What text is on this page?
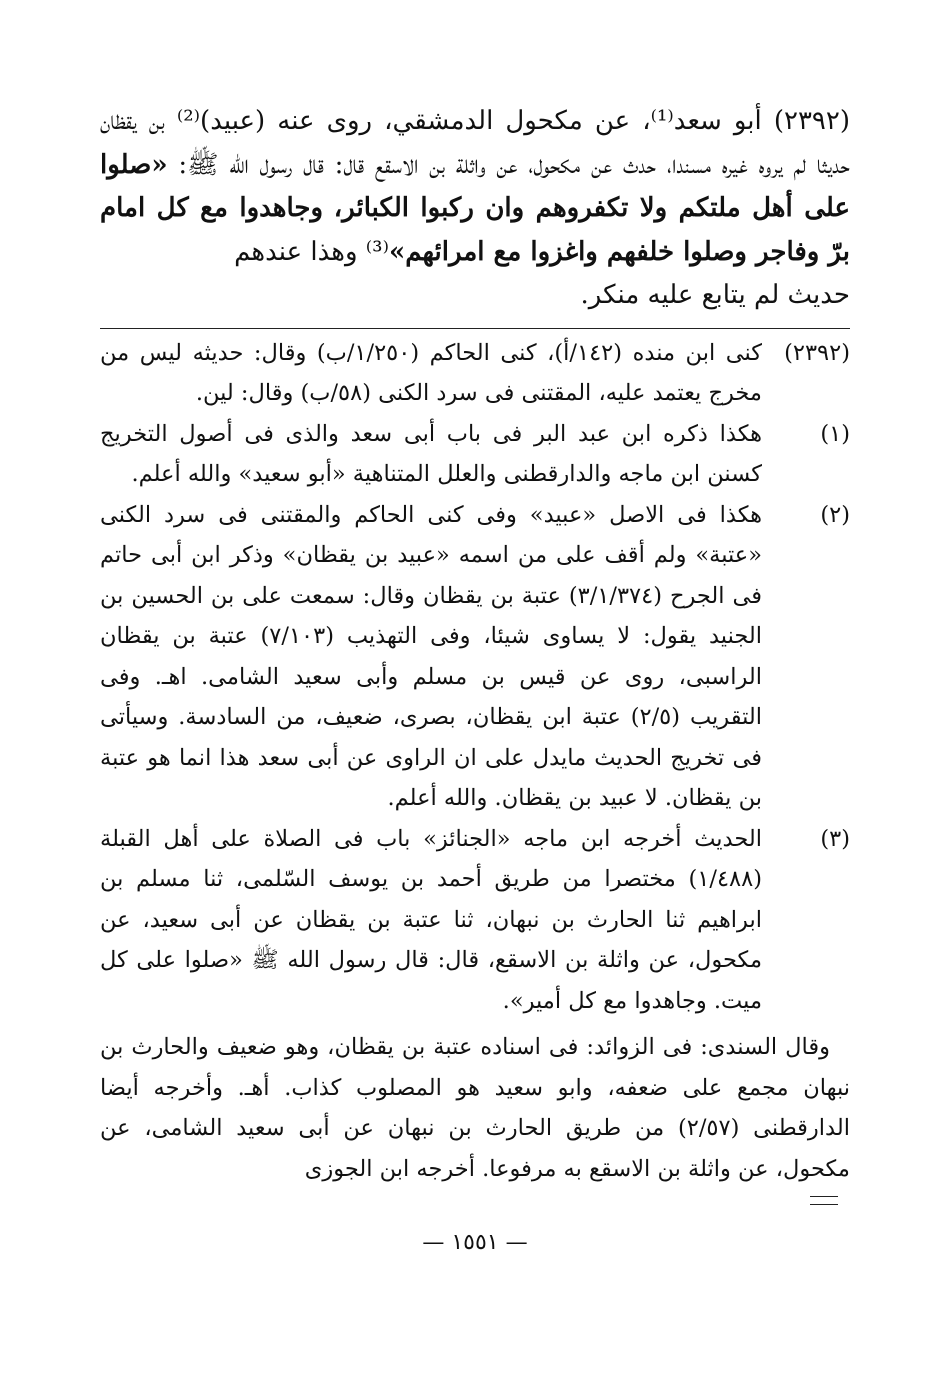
(٢٣٩٢) أبو سعد⁽¹⁾، عن مكحول الدمشقي، روى عنه (عبيد)⁽²⁾ بن يقظان حديثا لم يروه غيره مسندا، حدث عن مكحول، عن واثلة بن الاسقع قال: قال رسول الله ﷺ: «صلوا على أهل ملتكم ولا تكفروهم وان ركبوا الكبائر، وجاهدوا مع كل امام برّ وفاجر وصلوا خلفهم واغزوا مع امرائهم»⁽³⁾ وهذا عندهم
حديث لم يتابع عليه منكر.

(٢٣٩٢)

كنى ابن منده (١٤٢/أ)، كنى الحاكم (١/٢٥٠/ب) وقال: حديثه ليس من مخرج يعتمد عليه، المقتنى فى سرد الكنى (٥٨/ب) وقال: لين.

(١)

هكذا ذكره ابن عبد البر فى باب أبى سعد والذى فى أصول التخريج كسنن ابن ماجه والدارقطنى والعلل المتناهية «أبو سعيد» والله أعلم.

(٢)

هكذا فى الاصل «عبيد» وفى كنى الحاكم والمقتنى فى سرد الكنى «عتبة» ولم أقف على من اسمه «عبيد بن يقظان» وذكر ابن أبى حاتم فى الجرح (٣/١/٣٧٤) عتبة بن يقظان وقال: سمعت على بن الحسين بن الجنيد يقول: لا يساوى شيئا، وفى التهذيب (٧/١٠٣) عتبة بن يقظان الراسبى، روى عن قيس بن مسلم وأبى سعيد الشامى. اهـ. وفى التقريب (٢/٥) عتبة ابن يقظان، بصرى، ضعيف، من السادسة. وسيأتى فى تخريج الحديث مايدل على ان الراوى عن أبى سعد هذا انما هو عتبة بن يقظان. لا عبيد بن يقظان. والله أعلم.

(٣)

الحديث أخرجه ابن ماجه «الجنائز» باب فى الصلاة على أهل القبلة (١/٤٨٨) مختصرا من طريق أحمد بن يوسف السّلمى، ثنا مسلم بن ابراهيم ثنا الحارث بن نبهان، ثنا عتبة بن يقظان عن أبى سعيد، عن مكحول، عن واثلة بن الاسقع، قال: قال رسول الله ﷺ «صلوا على كل ميت. وجاهدوا مع كل أمير».

وقال السندى: فى الزوائد: فى اسناده عتبة بن يقظان، وهو ضعيف والحارث بن نبهان مجمع على ضعفه، وابو سعيد هو المصلوب كذاب. أهـ. وأخرجه أيضا الدارقطنى (٢/٥٧) من طريق الحارث بن نبهان عن أبى سعيد الشامى، عن مكحول، عن واثلة بن الاسقع به مرفوعا. أخرجه ابن الجوزى

— ١٥٥١ —
